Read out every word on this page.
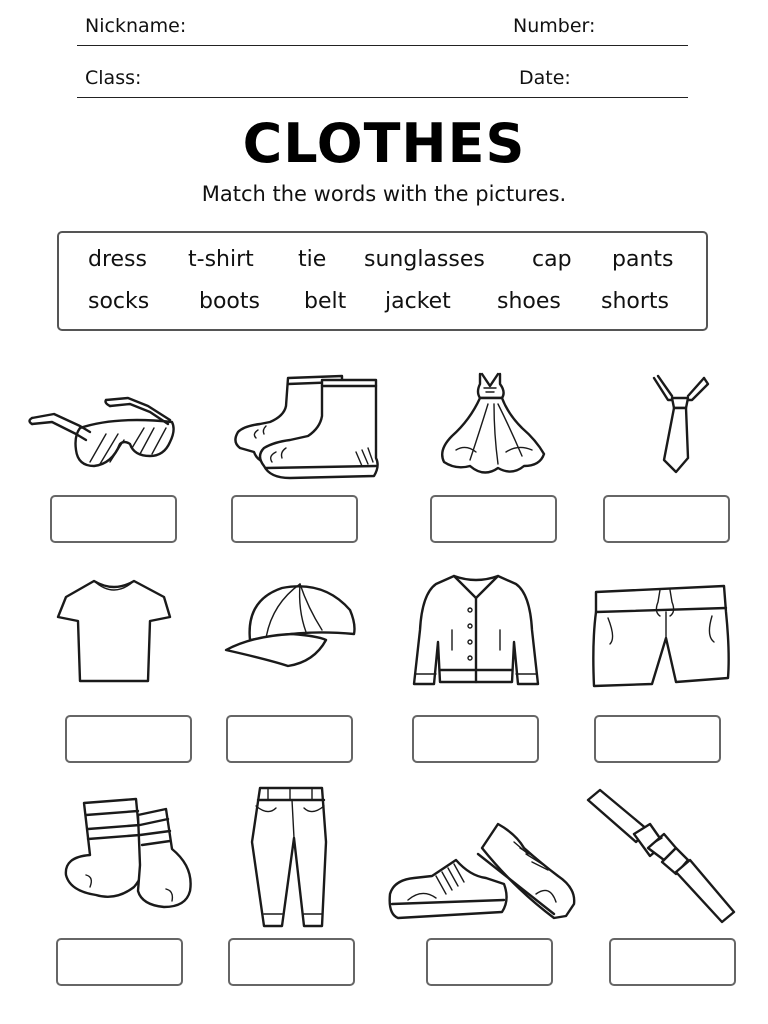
Nickname:	Number:
Class:	Date:
CLOTHES
Match the words with the pictures.
dress t-shirt tie sunglasses cap pants
socks boots belt jacket shoes shorts
